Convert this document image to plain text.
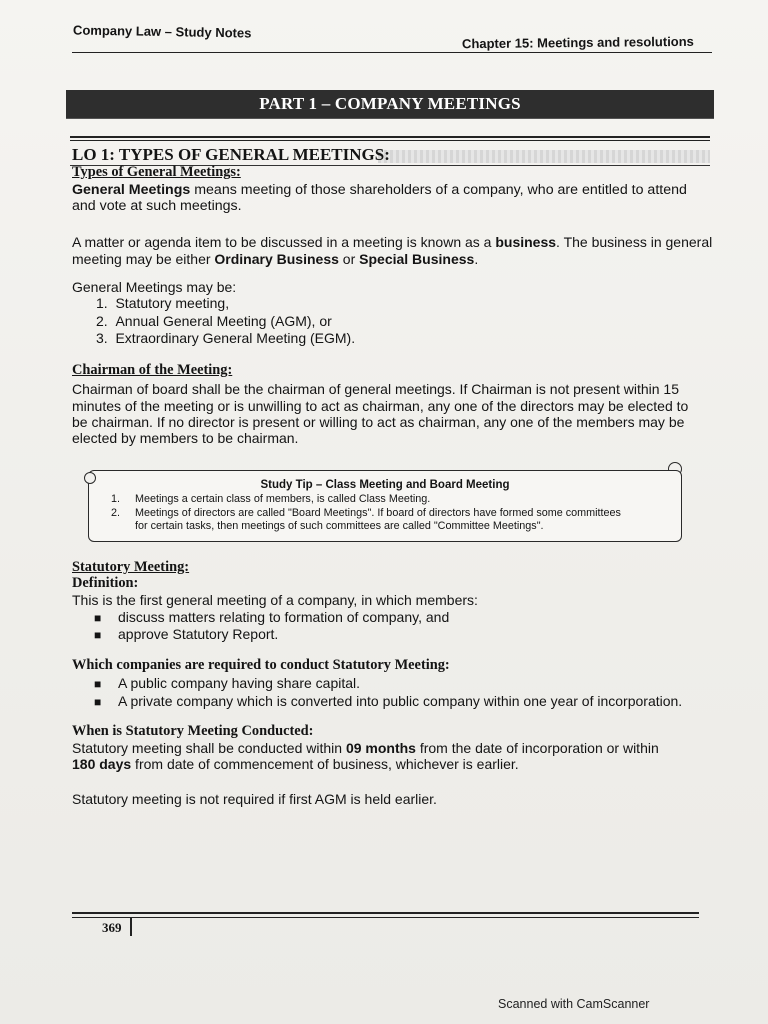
Company Law – Study Notes
Chapter 15: Meetings and resolutions
PART 1 – COMPANY MEETINGS
LO 1: TYPES OF GENERAL MEETINGS:
Types of General Meetings:
General Meetings means meeting of those shareholders of a company, who are entitled to attend
and vote at such meetings.
A matter or agenda item to be discussed in a meeting is known as a business. The business in general
meeting may be either Ordinary Business or Special Business.
General Meetings may be:
1. Statutory meeting,
2. Annual General Meeting (AGM), or
3. Extraordinary General Meeting (EGM).
Chairman of the Meeting:
Chairman of board shall be the chairman of general meetings. If Chairman is not present within 15
minutes of the meeting or is unwilling to act as chairman, any one of the directors may be elected to
be chairman. If no director is present or willing to act as chairman, any one of the members may be
elected by members to be chairman.
Study Tip – Class Meeting and Board Meeting
1. Meetings a certain class of members, is called Class Meeting.
2. Meetings of directors are called "Board Meetings". If board of directors have formed some committees
for certain tasks, then meetings of such committees are called "Committee Meetings".
Statutory Meeting:
Definition:
This is the first general meeting of a company, in which members:
■ discuss matters relating to formation of company, and
■ approve Statutory Report.
Which companies are required to conduct Statutory Meeting:
■ A public company having share capital.
■ A private company which is converted into public company within one year of incorporation.
When is Statutory Meeting Conducted:
Statutory meeting shall be conducted within 09 months from the date of incorporation or within
180 days from date of commencement of business, whichever is earlier.
Statutory meeting is not required if first AGM is held earlier.
369
Scanned with CamScanner
